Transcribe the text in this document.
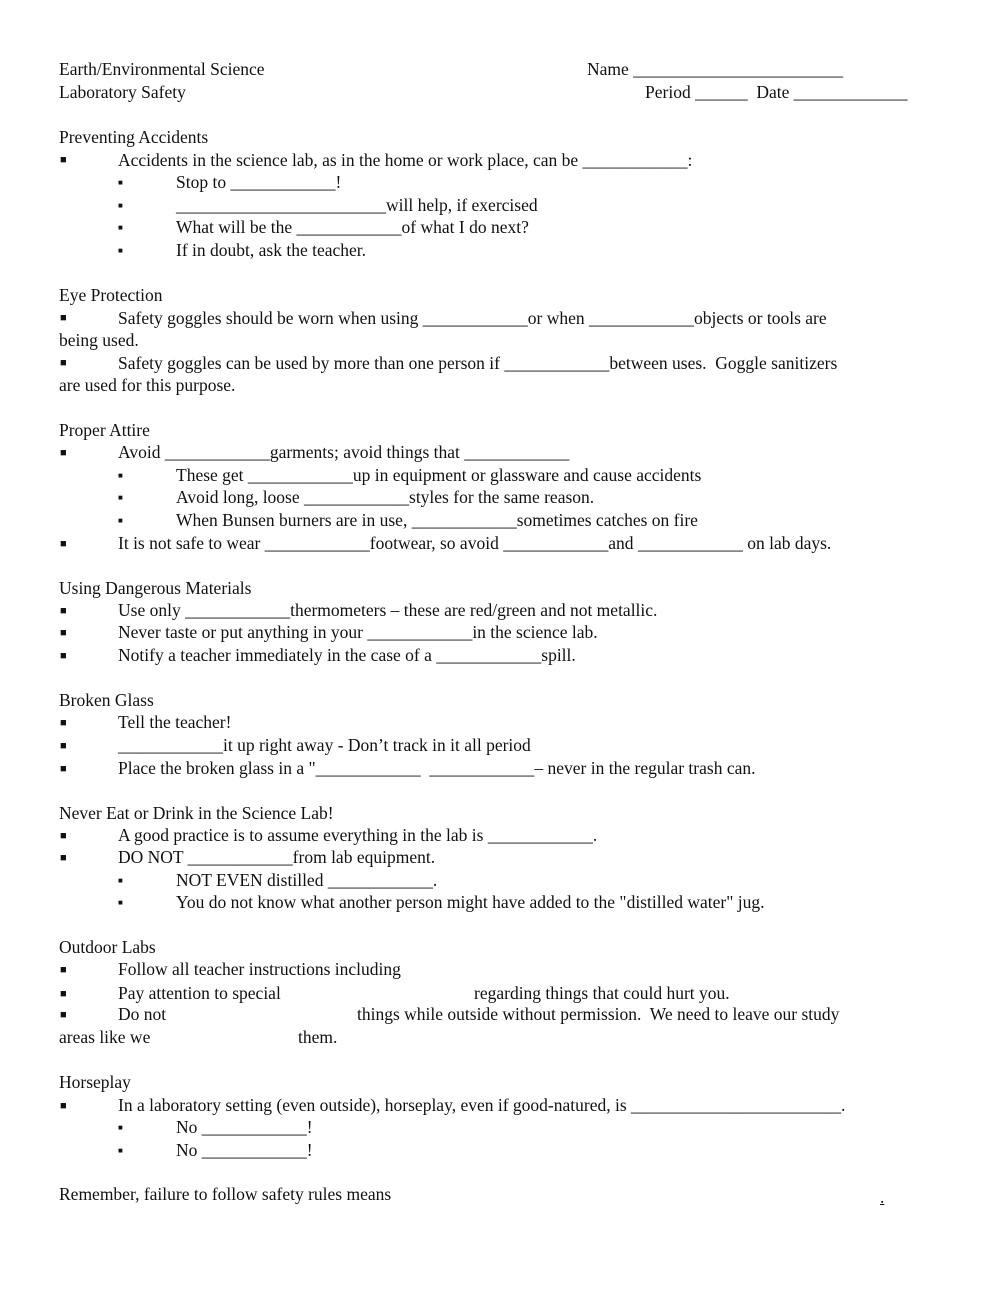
Earth/Environmental Science	Name ________________________
Laboratory Safety	Period ______  Date _____________
Preventing Accidents
■	Accidents in the science lab, as in the home or work place, can be ____________:
■	Stop to ____________!
■	________________________will help, if exercised
■	What will be the ____________of what I do next?
■	If in doubt, ask the teacher.
Eye Protection
■	Safety goggles should be worn when using ____________or when ____________objects or tools are
being used.
■	Safety goggles can be used by more than one person if ____________between uses.  Goggle sanitizers
are used for this purpose.
Proper Attire
■	Avoid ____________garments; avoid things that ____________
■	These get ____________up in equipment or glassware and cause accidents
■	Avoid long, loose ____________styles for the same reason.
■	When Bunsen burners are in use, ____________sometimes catches on fire
■	It is not safe to wear ____________footwear, so avoid ____________and ____________ on lab days.
Using Dangerous Materials
■	Use only ____________thermometers – these are red/green and not metallic.
■	Never taste or put anything in your ____________in the science lab.
■	Notify a teacher immediately in the case of a ____________spill.
Broken Glass
■	Tell the teacher!
■	____________it up right away - Don’t track in it all period
■	Place the broken glass in a "____________  ____________– never in the regular trash can.
Never Eat or Drink in the Science Lab!
■	A good practice is to assume everything in the lab is ____________.
■	DO NOT ____________from lab equipment.
■	NOT EVEN distilled ____________.
■	You do not know what another person might have added to the "distilled water" jug.
Outdoor Labs
■	Follow all teacher instructions including
■	Pay attention to special	regarding things that could hurt you.
■	Do not	things while outside without permission.  We need to leave our study
areas like we	them.
Horseplay
■	In a laboratory setting (even outside), horseplay, even if good-natured, is ________________________.
■	No ____________!
■	No ____________!
Remember, failure to follow safety rules means	.
